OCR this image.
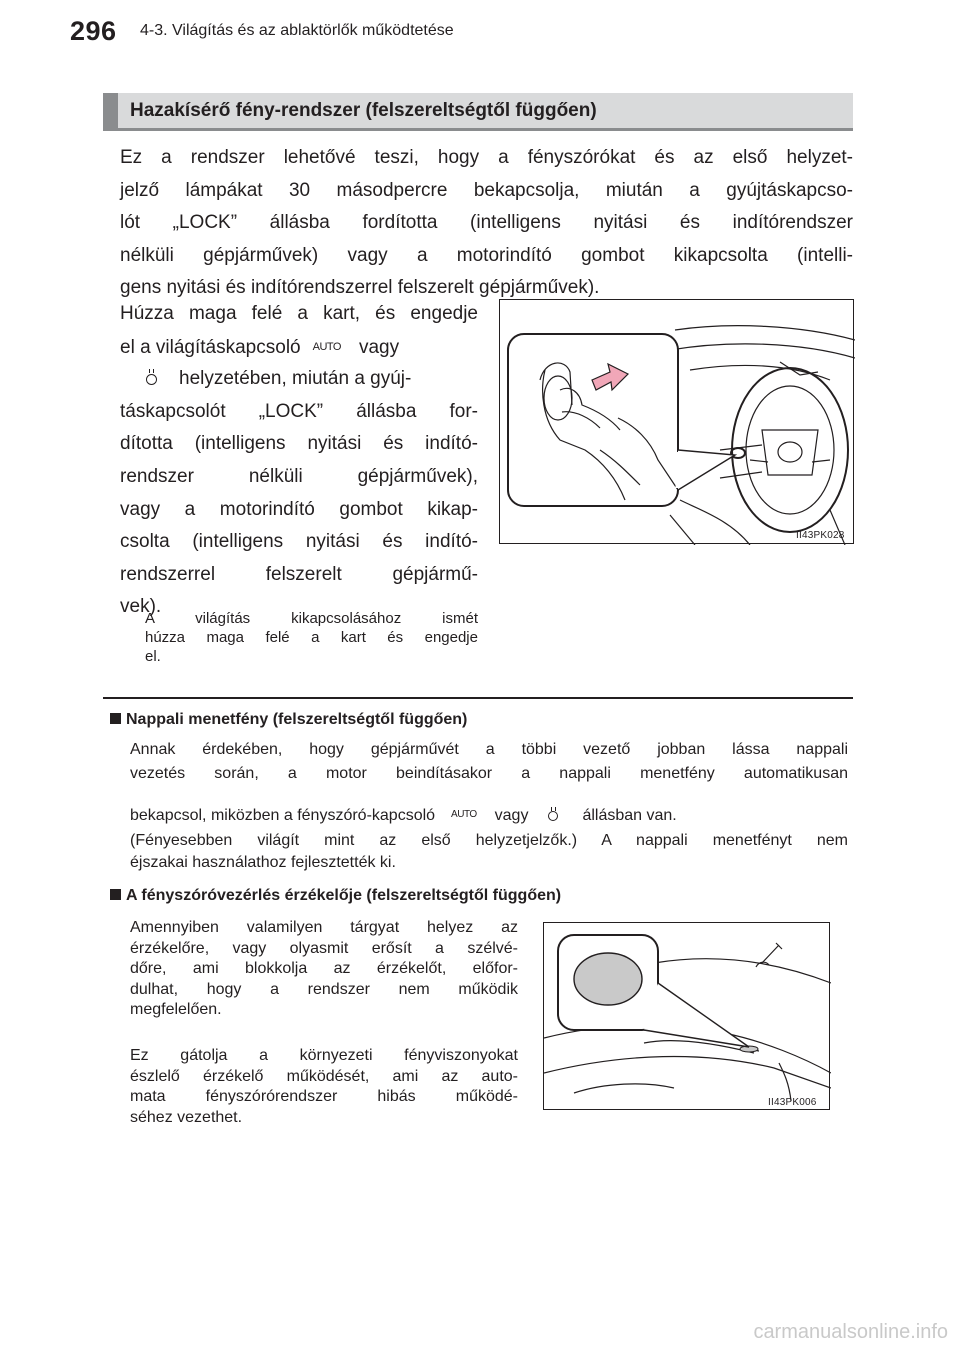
296 4-3. Világítás és az ablaktörlők működtetése
Hazakísérő fény-rendszer (felszereltségtől függően)
Ez a rendszer lehetővé teszi, hogy a fényszórókat és az első helyzet-
jelző lámpákat 30 másodpercre bekapcsolja, miután a gyújtáskapcso-
lót „LOCK” állásba fordította (intelligens nyitási és indítórendszer
nélküli gépjárművek) vagy a motorindító gombot kikapcsolta (intelli-
gens nyitási és indítórendszerrel felszerelt gépjárművek).
Húzza maga felé a kart, és engedje
el a világításkapcsoló AUTO vagy
helyzetében, miután a gyúj-
táskapcsolót „LOCK” állásba for-
dította (intelligens nyitási és indító-
rendszer nélküli gépjárművek),
vagy a motorindító gombot kikap-
csolta (intelligens nyitási és indító-
rendszerrel felszerelt gépjármű-
vek).
A világítás kikapcsolásához ismét
húzza maga felé a kart és engedje
el.
II43PK028
Nappali menetfény (felszereltségtől függően)
Annak érdekében, hogy gépjárművét a többi vezető jobban lássa nappali
vezetés során, a motor beindításakor a nappali menetfény automatikusan
bekapcsol, miközben a fényszóró-kapcsoló AUTO vagy	állásban van.
(Fényesebben világít mint az első helyzetjelzők.) A nappali menetfényt nem
éjszakai használathoz fejlesztették ki.
A fényszóróvezérlés érzékelője (felszereltségtől függően)
Amennyiben valamilyen tárgyat helyez az
érzékelőre, vagy olyasmit erősít a szélvé-
dőre, ami blokkolja az érzékelőt, előfor-
dulhat, hogy a rendszer nem működik
megfelelően.
Ez gátolja a környezeti fényviszonyokat
észlelő érzékelő működését, ami az auto-
mata fényszórórendszer hibás működé-
séhez vezethet.
II43PK006
carmanualsonline.info
